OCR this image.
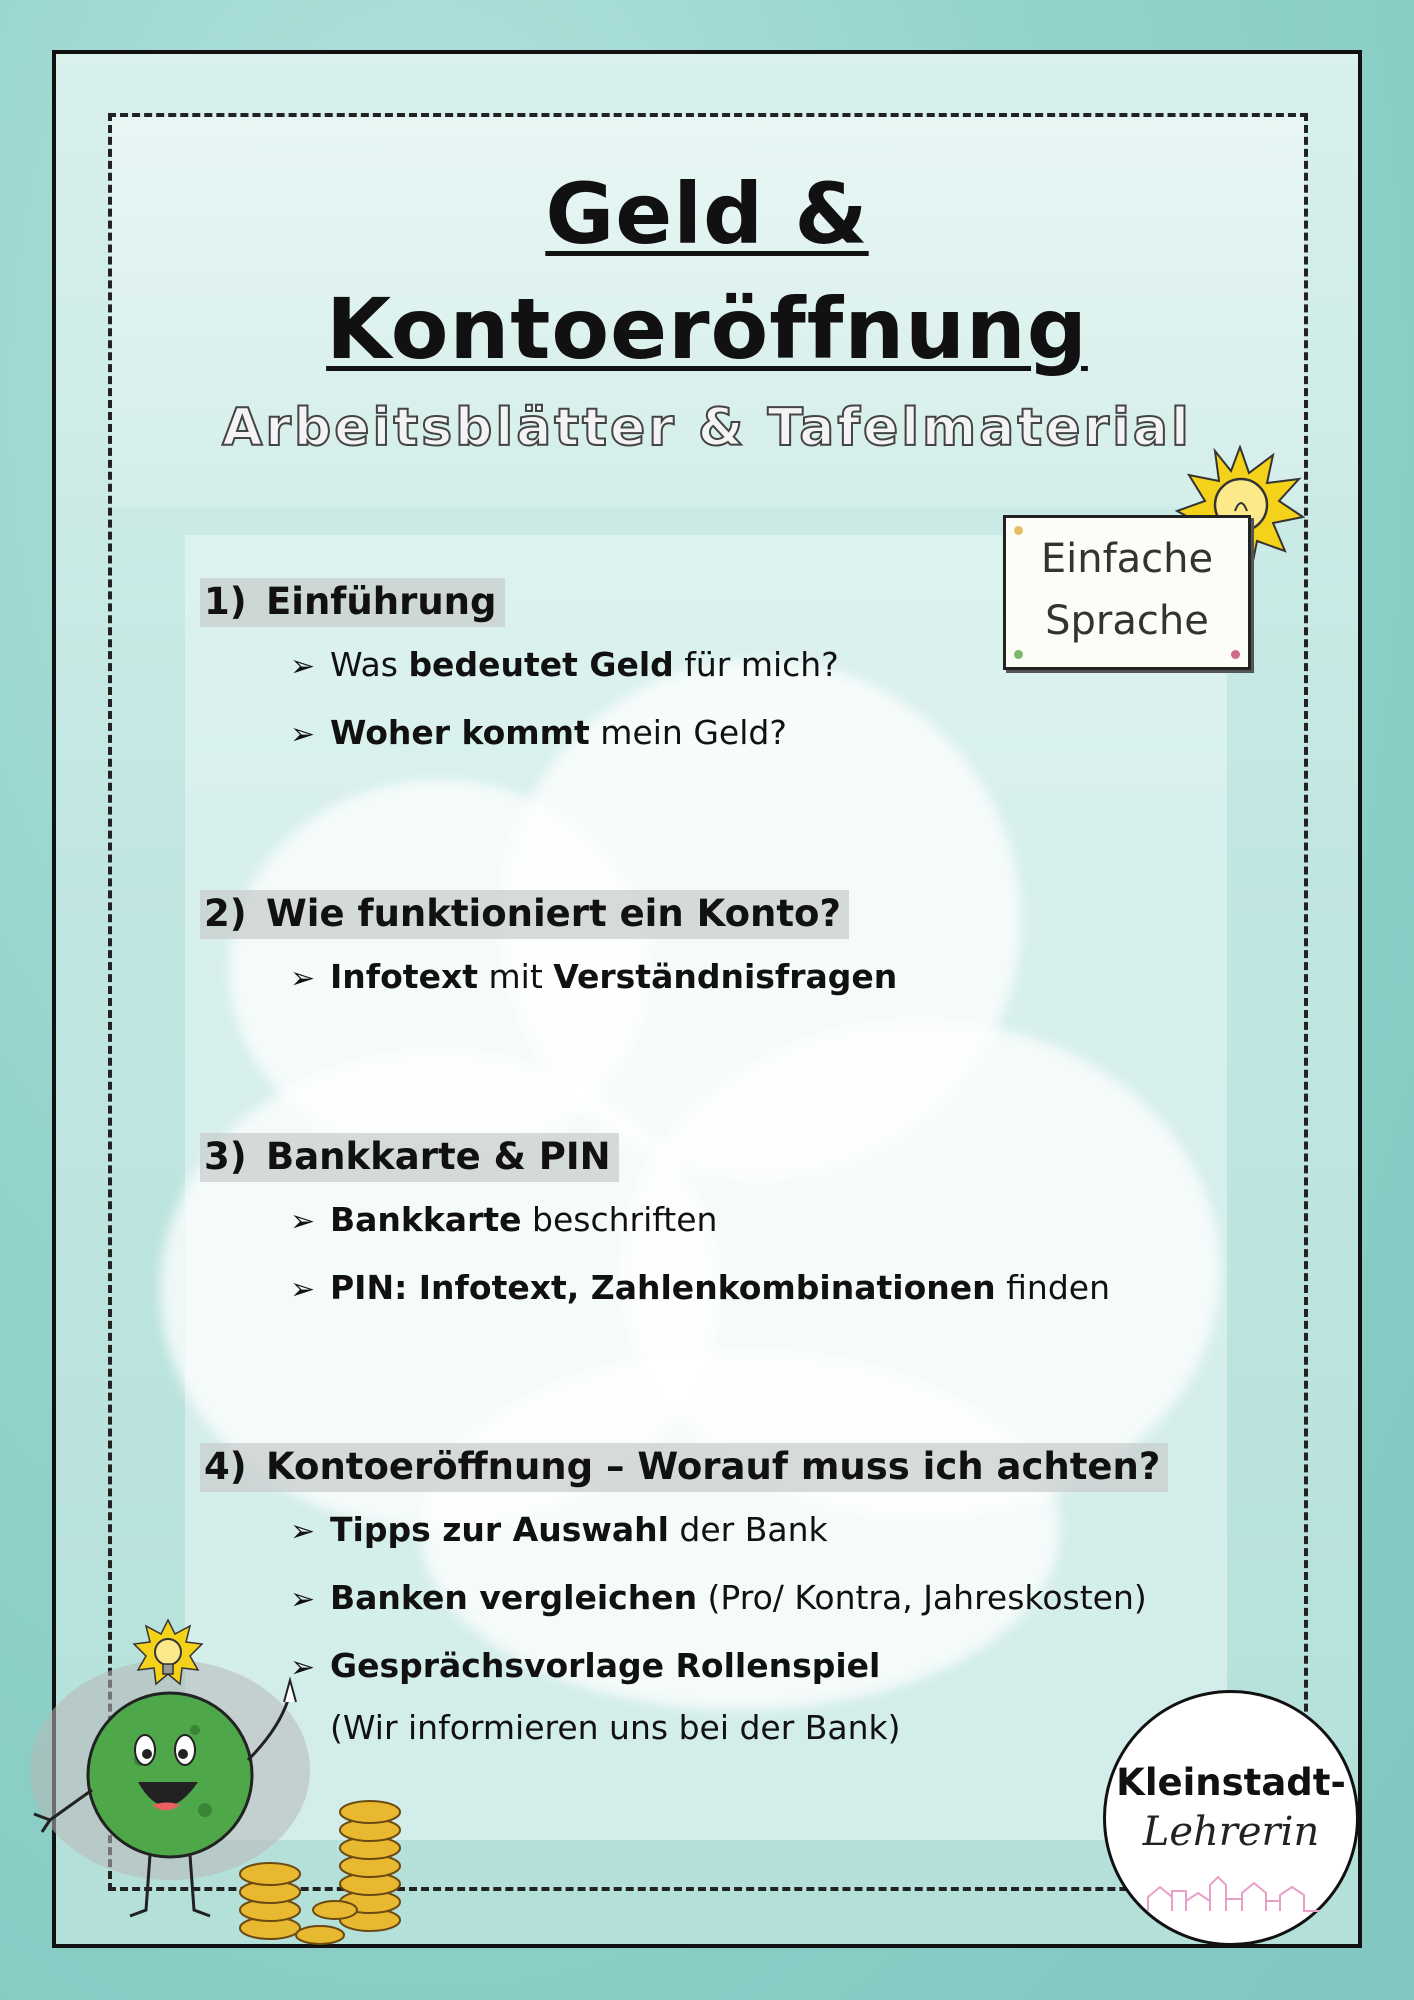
Geld &
Kontoeröffnung
Arbeitsblätter & Tafelmaterial
Einfache
Sprache
1) Einführung
➢ Was bedeutet Geld für mich?
➢ Woher kommt mein Geld?
2) Wie funktioniert ein Konto?
➢ Infotext mit Verständnisfragen
3) Bankkarte & PIN
➢ Bankkarte beschriften
➢ PIN: Infotext, Zahlenkombinationen finden
4) Kontoeröffnung – Worauf muss ich achten?
➢ Tipps zur Auswahl der Bank
➢ Banken vergleichen (Pro/ Kontra, Jahreskosten)
➢ Gesprächsvorlage Rollenspiel
(Wir informieren uns bei der Bank)
Kleinstadt-
Lehrerin
